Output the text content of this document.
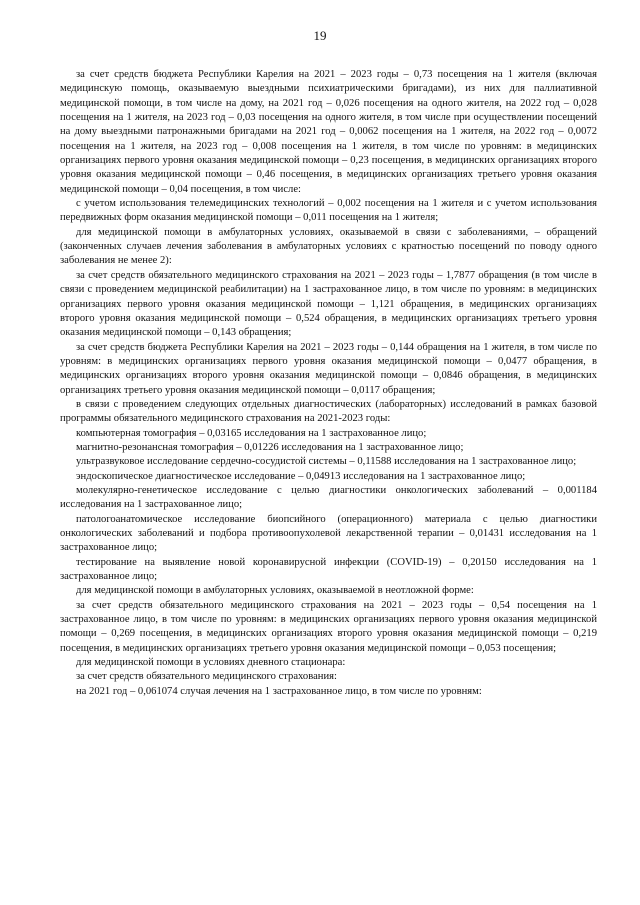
19

за счет средств бюджета Республики Карелия на 2021 – 2023 годы – 0,73 посещения на 1 жителя (включая медицинскую помощь, оказываемую выездными психиатрическими бригадами), из них для паллиативной медицинской помощи, в том числе на дому, на 2021 год – 0,026 посещения на одного жителя, на 2022 год – 0,028 посещения на 1 жителя, на 2023 год – 0,03 посещения на одного жителя, в том числе при осуществлении посещений на дому выездными патронажными бригадами на 2021 год – 0,0062 посещения на 1 жителя, на 2022 год – 0,0072 посещения на 1 жителя, на 2023 год – 0,008 посещения на 1 жителя, в том числе по уровням: в медицинских организациях первого уровня оказания медицинской помощи – 0,23 посещения, в медицинских организациях второго уровня оказания медицинской помощи – 0,46 посещения, в медицинских организациях третьего уровня оказания медицинской помощи – 0,04 посещения, в том числе:

с учетом использования телемедицинских технологий – 0,002 посещения на 1 жителя и с учетом использования передвижных форм оказания медицинской помощи – 0,011 посещения на 1 жителя;

для медицинской помощи в амбулаторных условиях, оказываемой в связи с заболеваниями, – обращений (законченных случаев лечения заболевания в амбулаторных условиях с кратностью посещений по поводу одного заболевания не менее 2):

за счет средств обязательного медицинского страхования на 2021 – 2023 годы – 1,7877 обращения (в том числе в связи с проведением медицинской реабилитации) на 1 застрахованное лицо, в том числе по уровням: в медицинских организациях первого уровня оказания медицинской помощи – 1,121 обращения, в медицинских организациях второго уровня оказания медицинской помощи – 0,524 обращения, в медицинских организациях третьего уровня оказания медицинской помощи – 0,143 обращения;

за счет средств бюджета Республики Карелия на 2021 – 2023 годы – 0,144 обращения на 1 жителя, в том числе по уровням: в медицинских организациях первого уровня оказания медицинской помощи – 0,0477 обращения, в медицинских организациях второго уровня оказания медицинской помощи – 0,0846 обращения, в медицинских организациях третьего уровня оказания медицинской помощи – 0,0117 обращения;

в связи с проведением следующих отдельных диагностических (лабораторных) исследований в рамках базовой программы обязательного медицинского страхования на 2021-2023 годы:

компьютерная томография – 0,03165 исследования на 1 застрахованное лицо;

магнитно-резонансная томография – 0,01226 исследования на 1 застрахованное лицо;

ультразвуковое исследование сердечно-сосудистой системы – 0,11588 исследования на 1 застрахованное лицо;

эндоскопическое диагностическое исследование – 0,04913 исследования на 1 застрахованное лицо;

молекулярно-генетическое исследование с целью диагностики онкологических заболеваний – 0,001184 исследования на 1 застрахованное лицо;

патологоанатомическое исследование биопсийного (операционного) материала с целью диагностики онкологических заболеваний и подбора противоопухолевой лекарственной терапии – 0,01431 исследования на 1 застрахованное лицо;

тестирование на выявление новой коронавирусной инфекции (COVID-19) – 0,20150 исследования на 1 застрахованное лицо;

для медицинской помощи в амбулаторных условиях, оказываемой в неотложной форме:

за счет средств обязательного медицинского страхования на 2021 – 2023 годы – 0,54 посещения на 1 застрахованное лицо, в том числе по уровням: в медицинских организациях первого уровня оказания медицинской помощи – 0,269 посещения, в медицинских организациях второго уровня оказания медицинской помощи – 0,219 посещения, в медицинских организациях третьего уровня оказания медицинской помощи – 0,053 посещения;

для медицинской помощи в условиях дневного стационара:

за счет средств обязательного медицинского страхования:

на 2021 год – 0,061074 случая лечения на 1 застрахованное лицо, в том числе по уровням:
